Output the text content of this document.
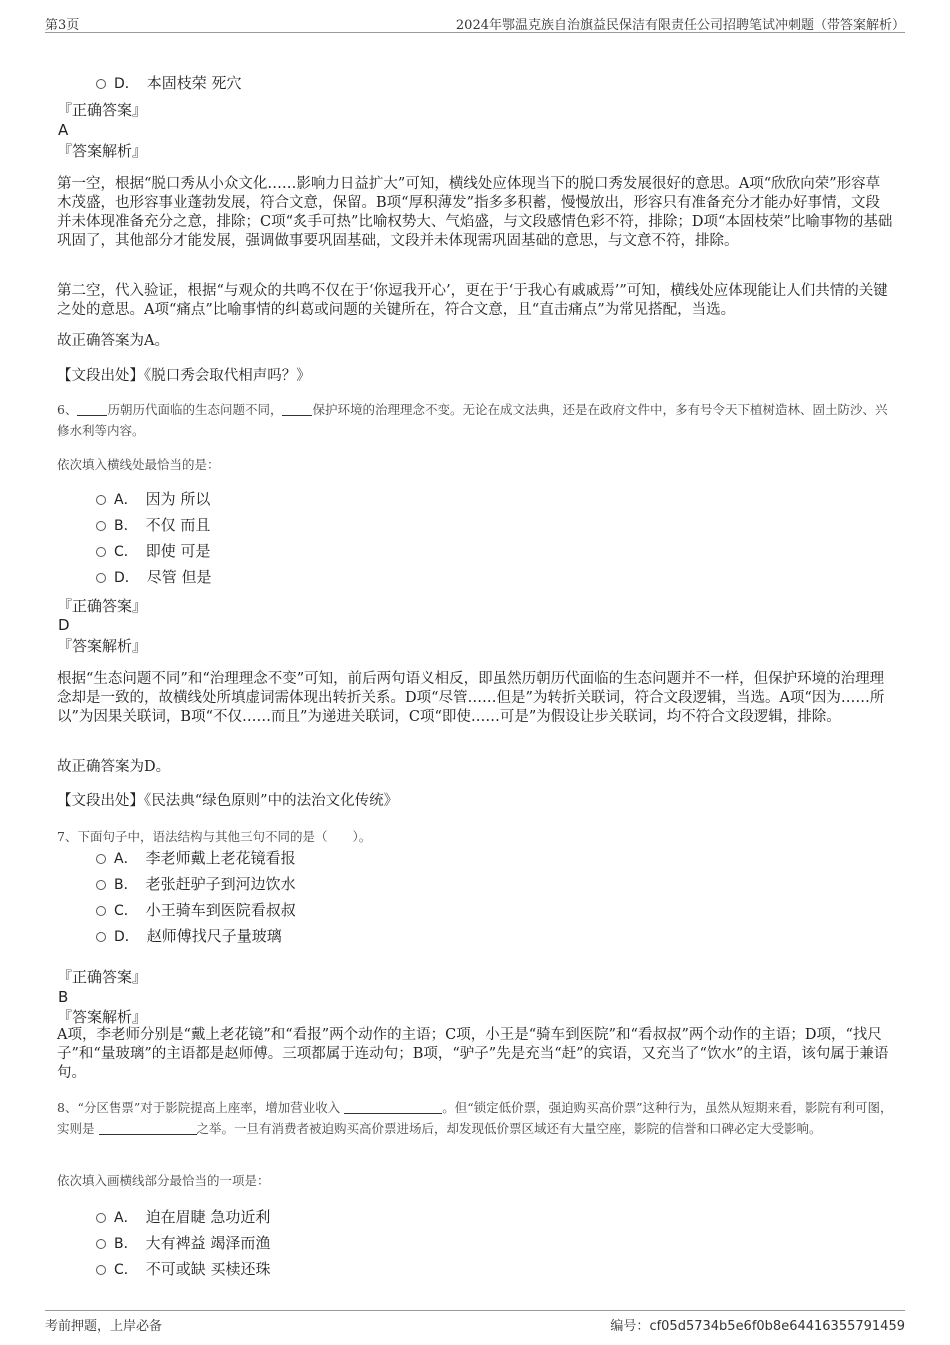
第3页	2024年鄂温克族自治旗益民保洁有限责任公司招聘笔试冲刺题（带答案解析）
D． 本固枝荣 死穴
『正确答案』
A
『答案解析』
第一空，根据“脱口秀从小众文化……影响力日益扩大”可知，横线处应体现当下的脱口秀发展很好的意思。A项“欣欣向荣”形容草木茂盛，也形容事业蓬勃发展，符合文意，保留。B项“厚积薄发”指多多积蓄，慢慢放出，形容只有准备充分才能办好事情，文段并未体现准备充分之意，排除；C项“炙手可热”比喻权势大、气焰盛，与文段感情色彩不符，排除；D项“本固枝荣”比喻事物的基础巩固了，其他部分才能发展，强调做事要巩固基础，文段并未体现需巩固基础的意思，与文意不符，排除。
第二空，代入验证，根据“与观众的共鸣不仅在于‘你逗我开心’，更在于‘于我心有戚戚焉’”可知，横线处应体现能让人们共情的关键之处的意思。A项“痛点”比喻事情的纠葛或问题的关键所在，符合文意，且“直击痛点”为常见搭配，当选。
故正确答案为A。
【文段出处】《脱口秀会取代相声吗？》
6、 历朝历代面临的生态问题不同， 保护环境的治理理念不变。无论在成文法典，还是在政府文件中，多有号令天下植树造林、固土防沙、兴修水利等内容。
依次填入横线处最恰当的是：
A． 因为 所以
B． 不仅 而且
C． 即使 可是
D． 尽管 但是
『正确答案』
D
『答案解析』
根据“生态问题不同”和“治理理念不变”可知，前后两句语义相反，即虽然历朝历代面临的生态问题并不一样，但保护环境的治理理念却是一致的，故横线处所填虚词需体现出转折关系。D项“尽管……但是”为转折关联词，符合文段逻辑，当选。A项“因为……所以”为因果关联词，B项“不仅……而且”为递进关联词，C项“即使……可是”为假设让步关联词，均不符合文段逻辑，排除。
故正确答案为D。
【文段出处】《民法典“绿色原则”中的法治文化传统》
7、下面句子中，语法结构与其他三句不同的是（　　）。
A． 李老师戴上老花镜看报
B． 老张赶驴子到河边饮水
C． 小王骑车到医院看叔叔
D． 赵师傅找尺子量玻璃
『正确答案』
B
『答案解析』
A项，李老师分别是“戴上老花镜”和“看报”两个动作的主语；C项，小王是“骑车到医院”和“看叔叔”两个动作的主语；D项，“找尺子”和“量玻璃”的主语都是赵师傅。三项都属于连动句；B项，“驴子”先是充当“赶”的宾语，又充当了“饮水”的主语，该句属于兼语句。
8、“分区售票”对于影院提高上座率，增加营业收入	。但“锁定低价票，强迫购买高价票”这种行为，虽然从短期来看，影院有利可图，实则是	之举。一旦有消费者被迫购买高价票进场后，却发现低价票区域还有大量空座，影院的信誉和口碑必定大受影响。
依次填入画横线部分最恰当的一项是：
A． 迫在眉睫 急功近利
B． 大有裨益 竭泽而渔
C． 不可或缺 买椟还珠
考前押题，上岸必备	编号：cf05d5734b5e6f0b8e64416355791459
